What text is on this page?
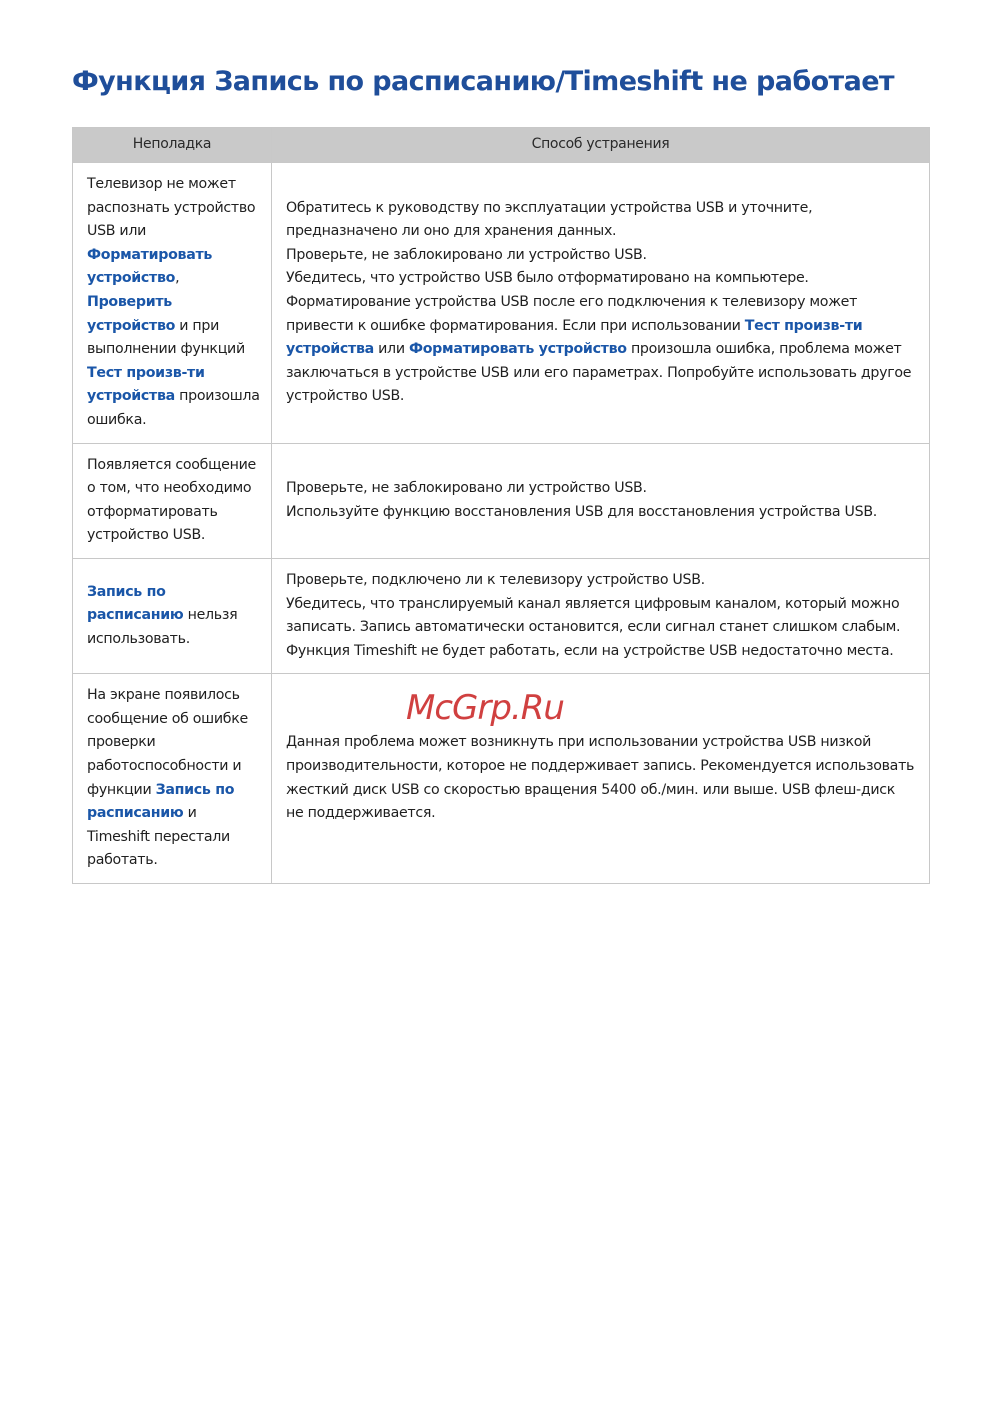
Функция Запись по расписанию/Timeshift не работает
Неполадка	Способ устранения
Телевизор не может распознать устройство USB или Форматировать устройство, Проверить устройство и при выполнении функций Тест произв-ти устройства произошла ошибка.	Обратитесь к руководству по эксплуатации устройства USB и уточните, предназначено ли оно для хранения данных.
Проверьте, не заблокировано ли устройство USB.
Убедитесь, что устройство USB было отформатировано на компьютере.
Форматирование устройства USB после его подключения к телевизору может привести к ошибке форматирования. Если при использовании Тест произв-ти устройства или Форматировать устройство произошла ошибка, проблема может заключаться в устройстве USB или его параметрах. Попробуйте использовать другое устройство USB.

Появляется сообщение о том, что необходимо отформатировать устройство USB.	Проверьте, не заблокировано ли устройство USB.
Используйте функцию восстановления USB для восстановления устройства USB.

Запись по расписанию нельзя использовать.	Проверьте, подключено ли к телевизору устройство USB.
Убедитесь, что транслируемый канал является цифровым каналом, который можно записать. Запись автоматически остановится, если сигнал станет слишком слабым.
Функция Timeshift не будет работать, если на устройстве USB недостаточно места.

На экране появилось сообщение об ошибке проверки работоспособности и функции Запись по расписанию и Timeshift перестали работать.	Данная проблема может возникнуть при использовании устройства USB низкой производительности, которое не поддерживает запись. Рекомендуется использовать жесткий диск USB со скоростью вращения 5400 об./мин. или выше. USB флеш-диск не поддерживается.
McGrp.Ru
